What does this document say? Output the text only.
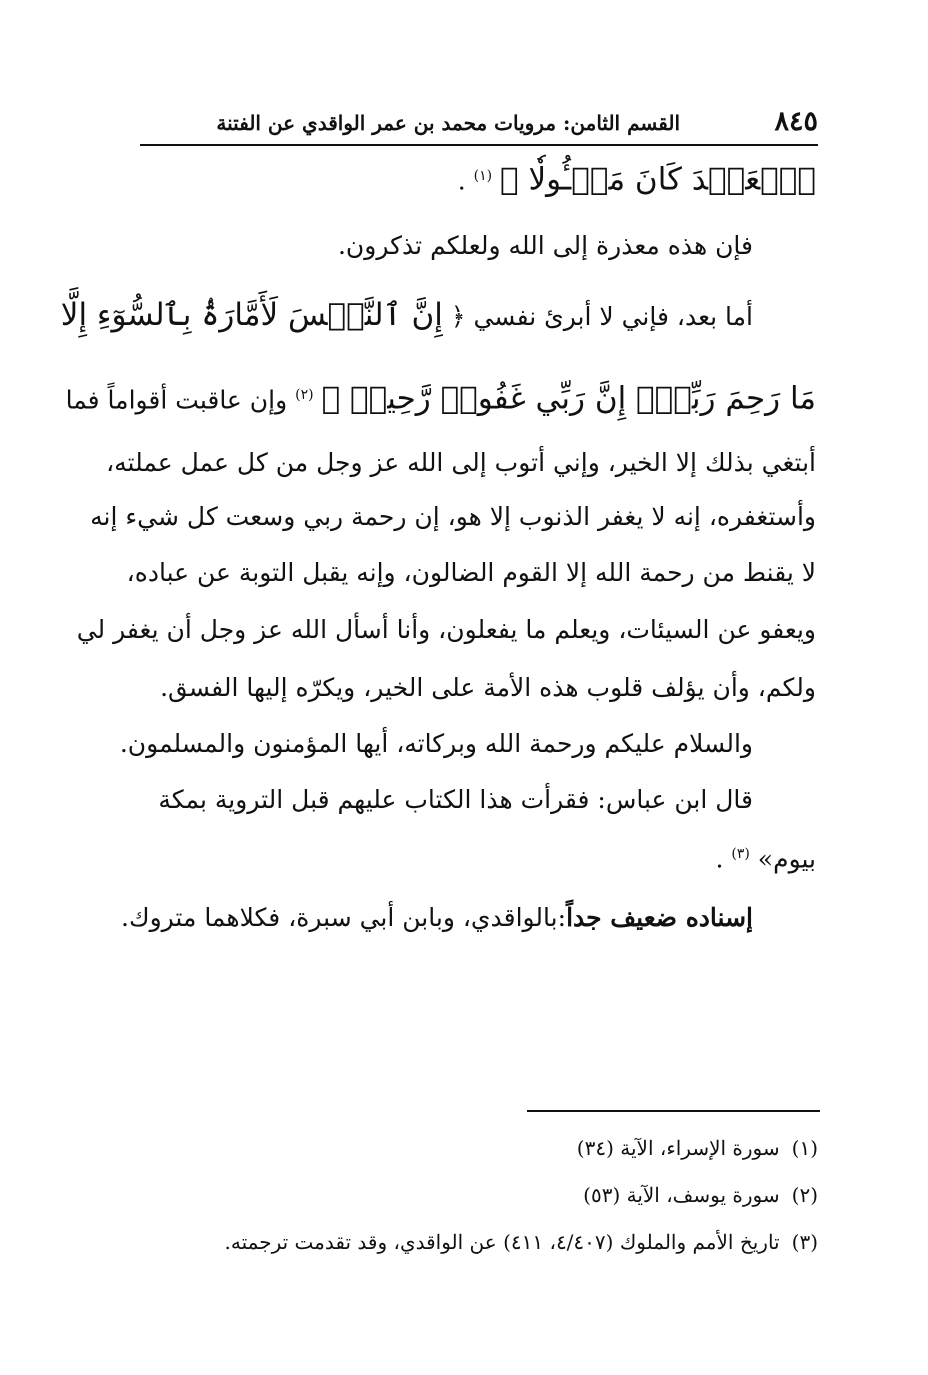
٨٤٥
القسم الثامن: مرويات محمد بن عمر الواقدي عن الفتنة
ٱلۡعَهۡدَ كَانَ مَسۡـُٔولٗا ﴾ $^{(١)}$ .
فإن هذه معذرة إلى الله ولعلكم تذكرون.
أما بعد، فإني لا أبرئ نفسي ﴿ إِنَّ ٱلنَّفۡسَ لَأَمَّارَةُۢ بِٱلسُّوٓءِ إِلَّا
مَا رَحِمَ رَبِّيٓۚ إِنَّ رَبِّي غَفُورٞ رَّحِيمٞ ﴾ $^{(٢)}$ وإن عاقبت أقواماً فما
أبتغي بذلك إلا الخير، وإني أتوب إلى الله عز وجل من كل عمل عملته،
وأستغفره، إنه لا يغفر الذنوب إلا هو، إن رحمة ربي وسعت كل شيء إنه
لا يقنط من رحمة الله إلا القوم الضالون، وإنه يقبل التوبة عن عباده،
ويعفو عن السيئات، ويعلم ما يفعلون، وأنا أسأل الله عز وجل أن يغفر لي
ولكم، وأن يؤلف قلوب هذه الأمة على الخير، ويكرّه إليها الفسق.
والسلام عليكم ورحمة الله وبركاته، أيها المؤمنون والمسلمون.
قال ابن عباس: فقرأت هذا الكتاب عليهم قبل التروية بمكة
بيوم» $^{(٣)}$ .
إسناده ضعيف جداً:بالواقدي، وبابن أبي سبرة، فكلاهما متروك.
(١)سورة الإسراء، الآية (٣٤)
(٢)سورة يوسف، الآية (٥٣)
(٣)تاريخ الأمم والملوك (٤/٤٠٧، ٤١١) عن الواقدي، وقد تقدمت ترجمته.
